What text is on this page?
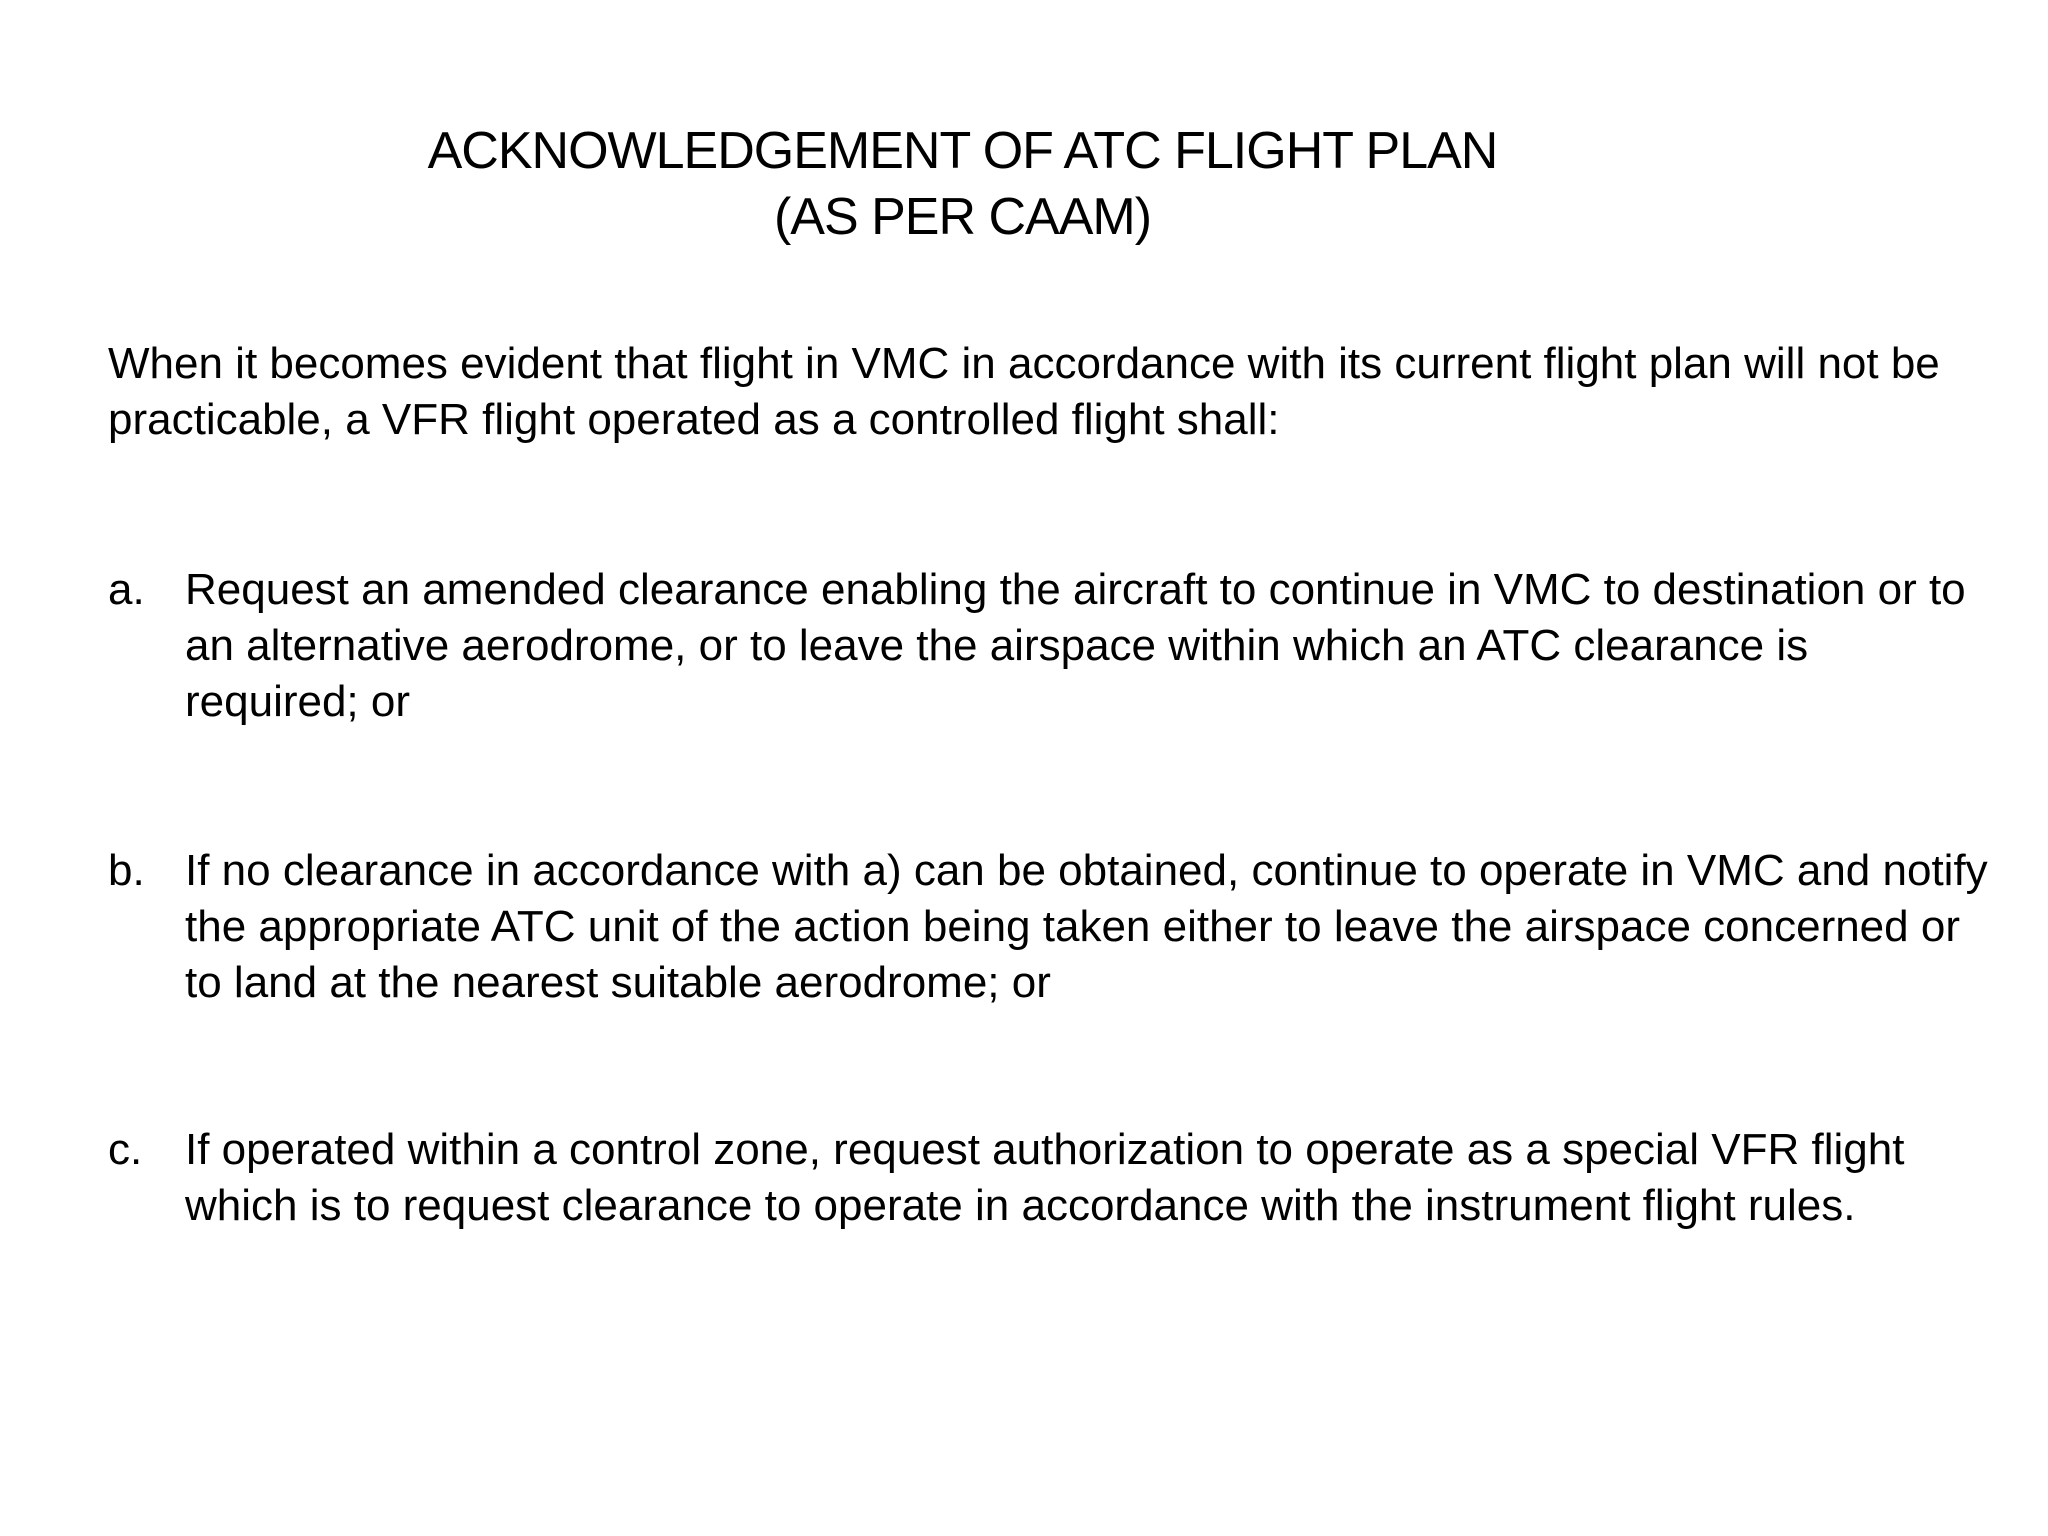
ACKNOWLEDGEMENT OF ATC FLIGHT PLAN
(AS PER CAAM)

When it becomes evident that flight in VMC in accordance with its current flight plan will not be practicable, a VFR flight operated as a controlled flight shall:

a. Request an amended clearance enabling the aircraft to continue in VMC to destination or to an alternative aerodrome, or to leave the airspace within which an ATC clearance is required; or
b. If no clearance in accordance with a) can be obtained, continue to operate in VMC and notify the appropriate ATC unit of the action being taken either to leave the airspace concerned or to land at the nearest suitable aerodrome; or
c. If operated within a control zone, request authorization to operate as a special VFR flight which is to request clearance to operate in accordance with the instrument flight rules.
